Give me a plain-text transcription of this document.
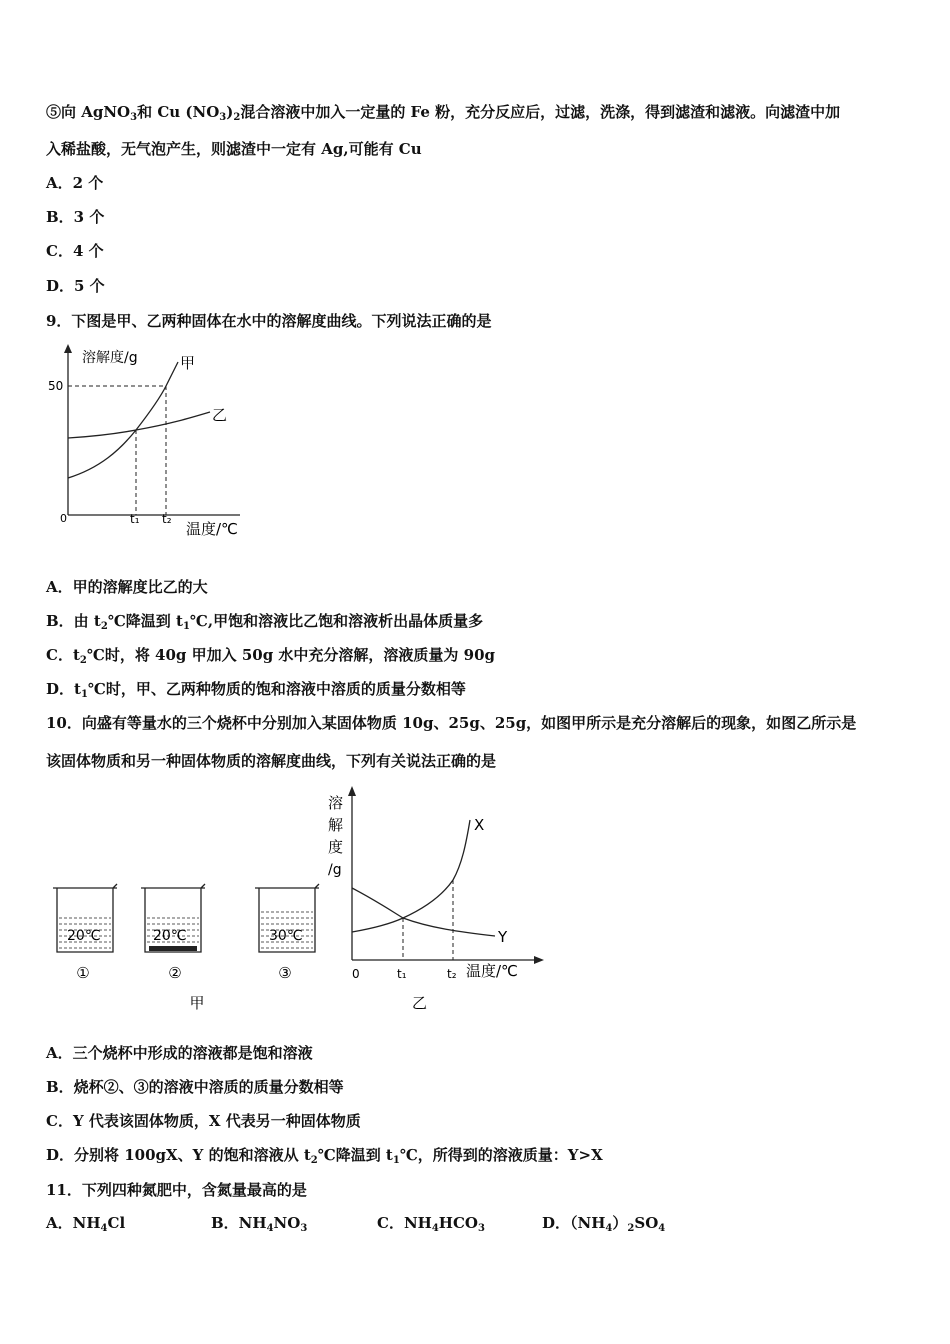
⑤向 AgNO$_3$和 Cu $(NO_3)_2$混合溶液中加入一定量的 Fe 粉，充分反应后，过滤，洗涤，得到滤渣和滤液。向滤渣中加
入稀盐酸，无气泡产生，则滤渣中一定有 Ag,可能有 Cu
A．2 个
B．3 个
C．4 个
D．5 个
9．下图是甲、乙两种固体在水中的溶解度曲线。下列说法正确的是
溶解度/g
50
0	t₁ t₂
温度/℃
甲
乙
A．甲的溶解度比乙的大
B．由 $t_2℃$降温到 $t_1℃$,甲饱和溶液比乙饱和溶液析出晶体质量多
C．$t_2℃$时，将 40g 甲加入 50g 水中充分溶解，溶液质量为 90g
D．$t_1℃$时，甲、乙两种物质的饱和溶液中溶质的质量分数相等
10．向盛有等量水的三个烧杯中分别加入某固体物质 10g、25g、25g，如图甲所示是充分溶解后的现象，如图乙所示是
该固体物质和另一种固体物质的溶解度曲线，下列有关说法正确的是
20℃
①
20℃
②
30℃
③
甲
溶
解
度
/g
0	t₁	t₂ 温度/℃
X
Y
乙
A．三个烧杯中形成的溶液都是饱和溶液
B．烧杯②、③的溶液中溶质的质量分数相等
C．Y 代表该固体物质，X 代表另一种固体物质
D．分别将 100gX、Y 的饱和溶液从 $t_2℃$降温到 $t_1℃$，所得到的溶液质量：Y>X
11．下列四种氮肥中，含氮量最高的是
A．$NH_4Cl$	B．$NH_4NO_3$	C．$NH_4HCO_3$	D．$(NH_4)_2SO_4$
